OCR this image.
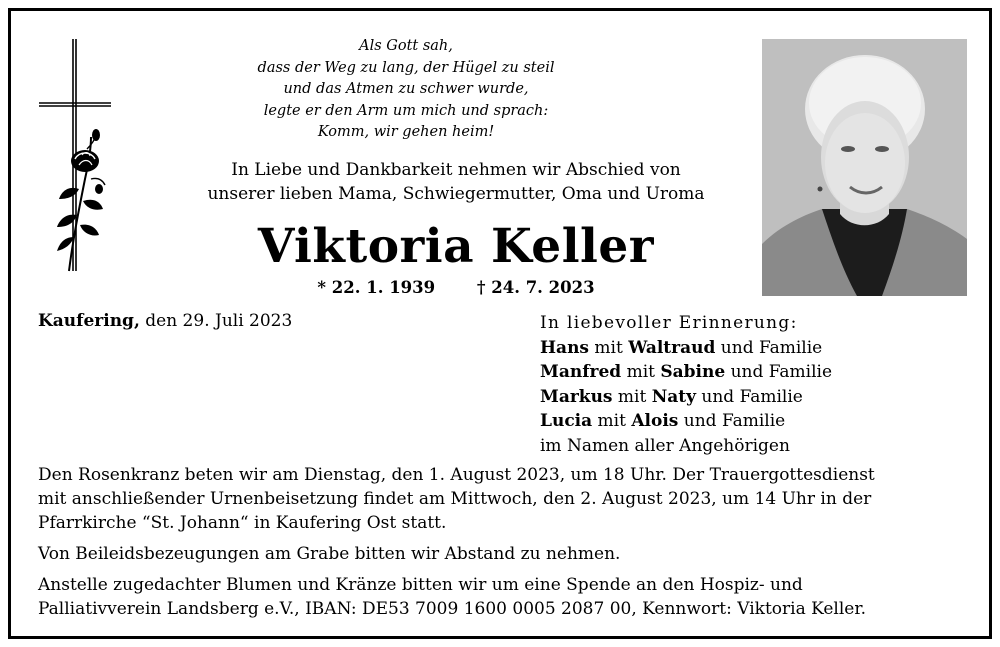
Als Gott sah,
dass der Weg zu lang, der Hügel zu steil
und das Atmen zu schwer wurde,
legte er den Arm um mich und sprach:
Komm, wir gehen heim!
In Liebe und Dankbarkeit nehmen wir Abschied von
unserer lieben Mama, Schwiegermutter, Oma und Uroma
Viktoria Keller
* 22. 1. 1939	† 24. 7. 2023
Kaufering, den 29. Juli 2023	In liebevoller Erinnerung:
Hans mit Waltraud und Familie
Manfred mit Sabine und Familie
Markus mit Naty und Familie
Lucia mit Alois und Familie
im Namen aller Angehörigen

Den Rosenkranz beten wir am Dienstag, den 1. August 2023, um 18 Uhr. Der Trauergottesdienst
mit anschließender Urnenbeisetzung findet am Mittwoch, den 2. August 2023, um 14 Uhr in der
Pfarrkirche “St. Johann“ in Kaufering Ost statt.

Von Beileidsbezeugungen am Grabe bitten wir Abstand zu nehmen.

Anstelle zugedachter Blumen und Kränze bitten wir um eine Spende an den Hospiz- und
Palliativverein Landsberg e.V., IBAN: DE53 7009 1600 0005 2087 00, Kennwort: Viktoria Keller.
